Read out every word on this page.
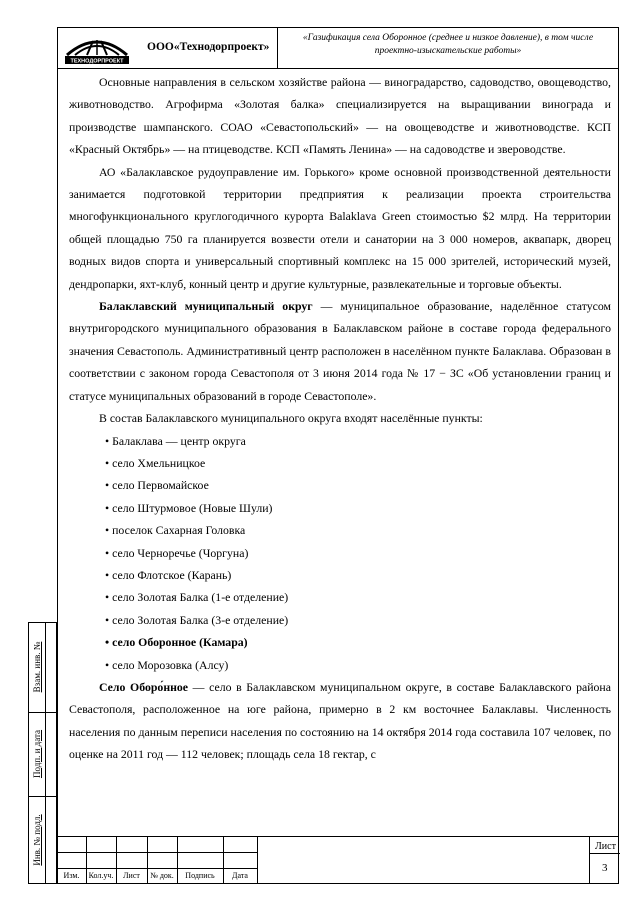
ТЕХНОДОРПРОЕКТ
ООО«Технодорпроект»
«Газификация села Оборонное (среднее и низкое давление), в том числе
проектно-изыскательские работы»

Основные направления в сельском хозяйстве района — виноградарство, садоводство, овощеводство, животноводство. Агрофирма «Золотая балка» специализируется на выращивании винограда и производстве шампанского. СОАО «Севастопольский» — на овощеводстве и животноводстве. КСП «Красный Октябрь» — на птицеводстве. КСП «Память Ленина» — на садоводстве и звероводстве.

АО «Балаклавское рудоуправление им. Горького» кроме основной производственной деятельности занимается подготовкой территории предприятия к реализации проекта строительства многофункционального круглогодичного курорта Balaklava Green стоимостью $2 млрд. На территории общей площадью 750 га планируется возвести отели и санатории на 3 000 номеров, аквапарк, дворец водных видов спорта и универсальный спортивный комплекс на 15 000 зрителей, исторический музей, дендропарки, яхт-клуб, конный центр и другие культурные, развлекательные и торговые объекты.

Балаклавский муниципальный округ — муниципальное образование, наделённое статусом внутригородского муниципального образования в Балаклавском районе в составе города федерального значения Севастополь. Административный центр расположен в населённом пункте Балаклава. Образован в соответствии с законом города Севастополя от 3 июня 2014 года № 17 − ЗС «Об установлении границ и статусе муниципальных образований в городе Севастополе».

В состав Балаклавского муниципального округа входят населённые пункты:

• Балаклава — центр округа
• село Хмельницкое
• село Первомайское
• село Штурмовое (Новые Шули)
• поселок Сахарная Головка
• село Черноречье (Чоргуна)
• село Флотское (Карань)
• село Золотая Балка (1-е отделение)
• село Золотая Балка (3-е отделение)
• село Оборонное (Камара)
• село Морозовка (Алсу)

Село Оборо́нное — село в Балаклавском муниципальном округе, в составе Балаклавского района Севастополя, расположенное на юге района, примерно в 2 км восточнее Балаклавы. Численность населения по данным переписи населения по состоянию на 14 октября 2014 года составила 107 человек, по оценке на 2011 год — 112 человек; площадь села 18 гектар, с

Взам. инв. №
Подп. и дата
Инв. № подл.
Изм.	Кол.уч.	Лист	№ док.	Подпись	Дата
Лист
3
